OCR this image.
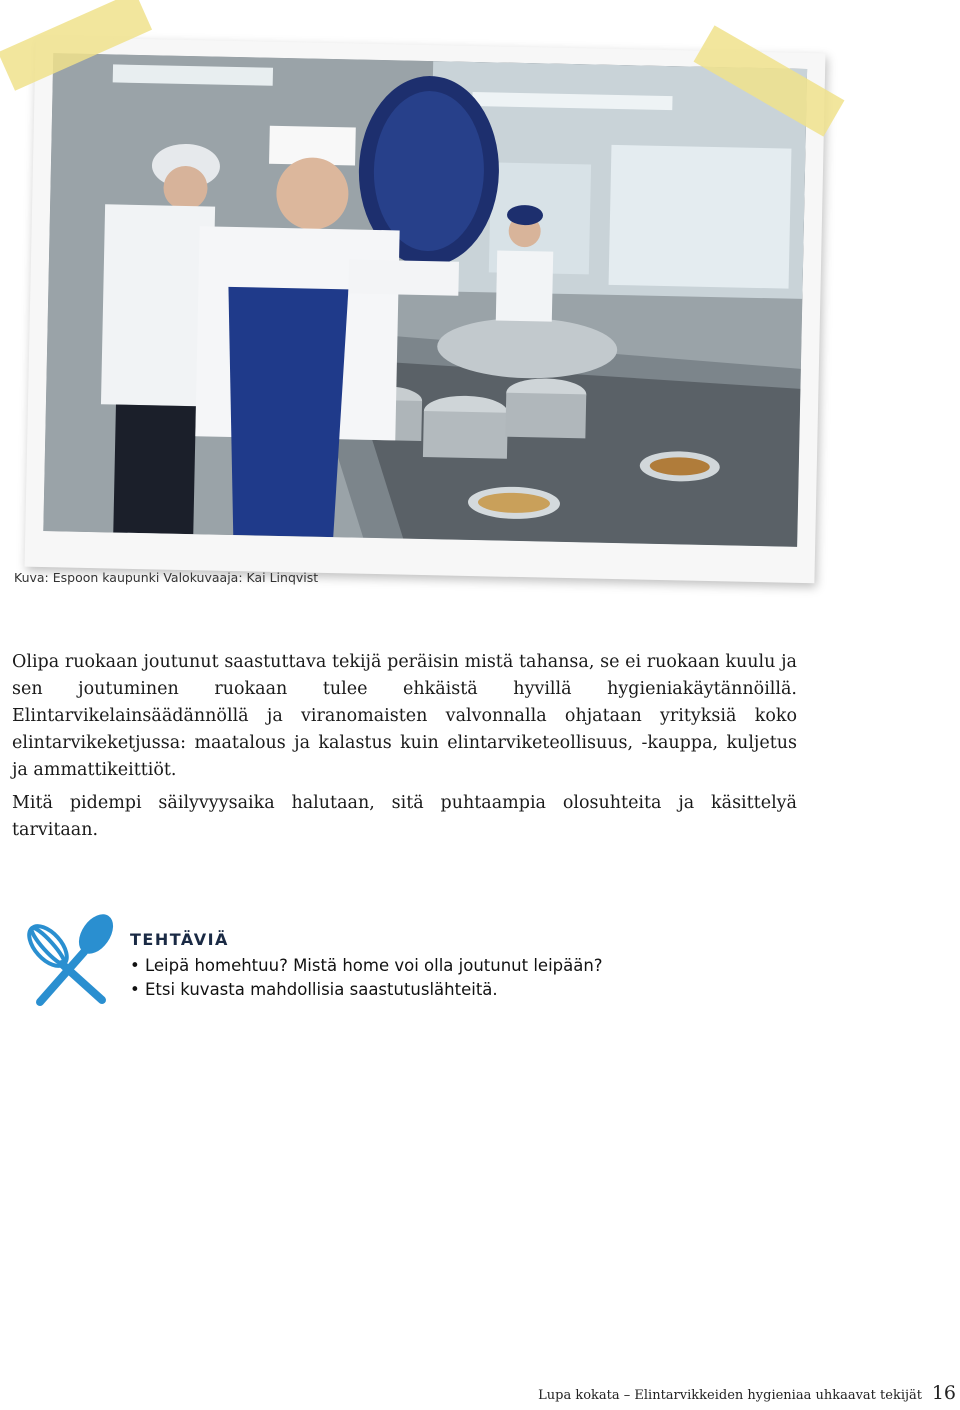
Kuva: Espoon kaupunki Valokuvaaja: Kai Linqvist

Olipa ruokaan joutunut saastuttava tekijä peräisin mistä tahansa, se ei ruokaan kuulu ja sen joutuminen ruokaan tulee ehkäistä hyvillä hygieniakäytännöillä. Elintarvikelainsäädännöllä ja viranomaisten valvonnalla ohjataan yrityksiä koko elintarvikeketjussa: maatalous ja kalastus kuin elintarviketeollisuus, -kauppa, kuljetus ja ammattikeittiöt.

Mitä pidempi säilyvyysaika halutaan, sitä puhtaampia olosuhteita ja käsittelyä tarvitaan.

TEHTÄVIÄ
• Leipä homehtuu? Mistä home voi olla joutunut leipään?
• Etsi kuvasta mahdollisia saastutuslähteitä.
Lupa kokata – Elintarvikkeiden hygieniaa uhkaavat tekijät 16
